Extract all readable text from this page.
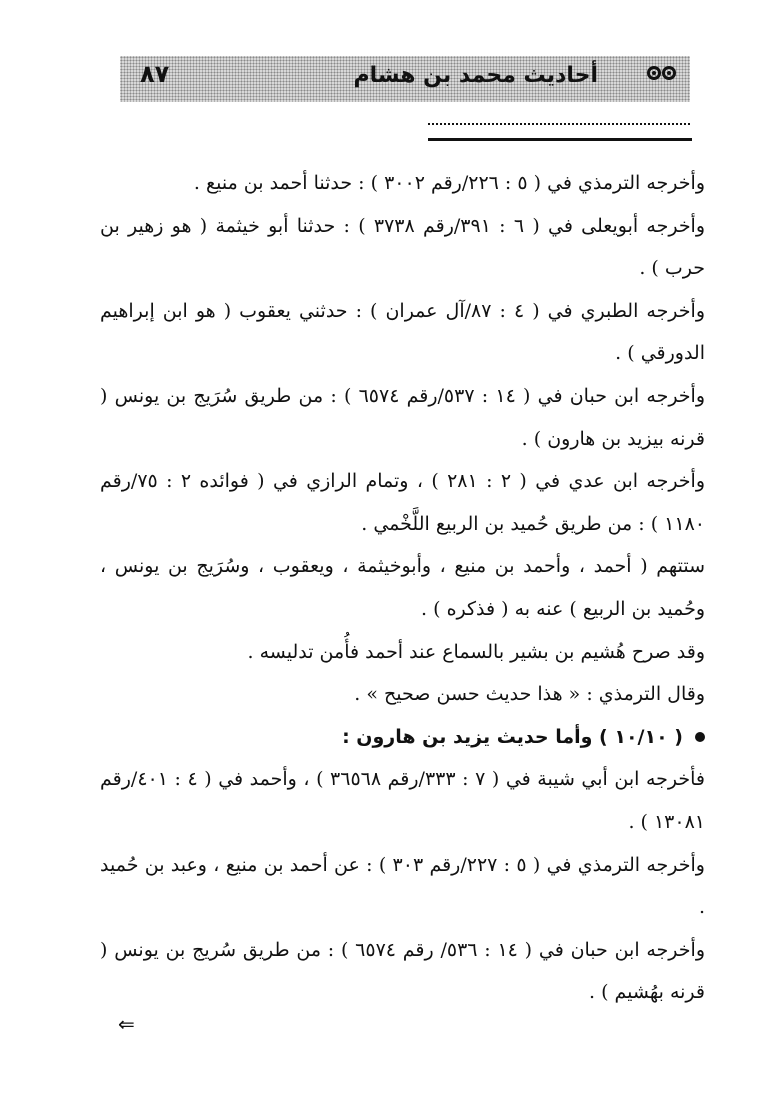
٨٧	أحاديث محمد بن هشام

وأخرجه الترمذي في ( ٥ : ٢٢٦/رقم ٣٠٠٢ ) : حدثنا أحمد بن منيع .

وأخرجه أبويعلى في ( ٦ : ٣٩١/رقم ٣٧٣٨ ) : حدثنا أبو خيثمة ( هو زهير بن حرب ) .

وأخرجه الطبري في ( ٤ : ٨٧/آل عمران ) : حدثني يعقوب ( هو ابن إبراهيم الدورقي ) .

وأخرجه ابن حبان في ( ١٤ : ٥٣٧/رقم ٦٥٧٤ ) : من طريق سُرَيج بن يونس ( قرنه بيزيد بن هارون ) .

وأخرجه ابن عدي في ( ٢ : ٢٨١ ) ، وتمام الرازي في ( فوائده ٢ : ٧٥/رقم ١١٨٠ ) : من طريق حُميد بن الربيع اللَّخْمي .

ستتهم ( أحمد ، وأحمد بن منيع ، وأبوخيثمة ، ويعقوب ، وسُرَيج بن يونس ، وحُميد بن الربيع ) عنه به ( فذكره ) .

وقد صرح هُشيم بن بشير بالسماع عند أحمد فأُمن تدليسه .

وقال الترمذي : « هذا حديث حسن صحيح » .

( ١٠/١٠ ) وأما حديث يزيد بن هارون :

فأخرجه ابن أبي شيبة في ( ٧ : ٣٣٣/رقم ٣٦٥٦٨ ) ، وأحمد في ( ٤ : ٤٠١/رقم ١٣٠٨١ ) .

وأخرجه الترمذي في ( ٥ : ٢٢٧/رقم ٣٠٣ ) : عن أحمد بن منيع ، وعبد بن حُميد .

وأخرجه ابن حبان في ( ١٤ : ٥٣٦/ رقم ٦٥٧٤ ) : من طريق سُريج بن يونس ( قرنه بهُشيم ) .

⇐
